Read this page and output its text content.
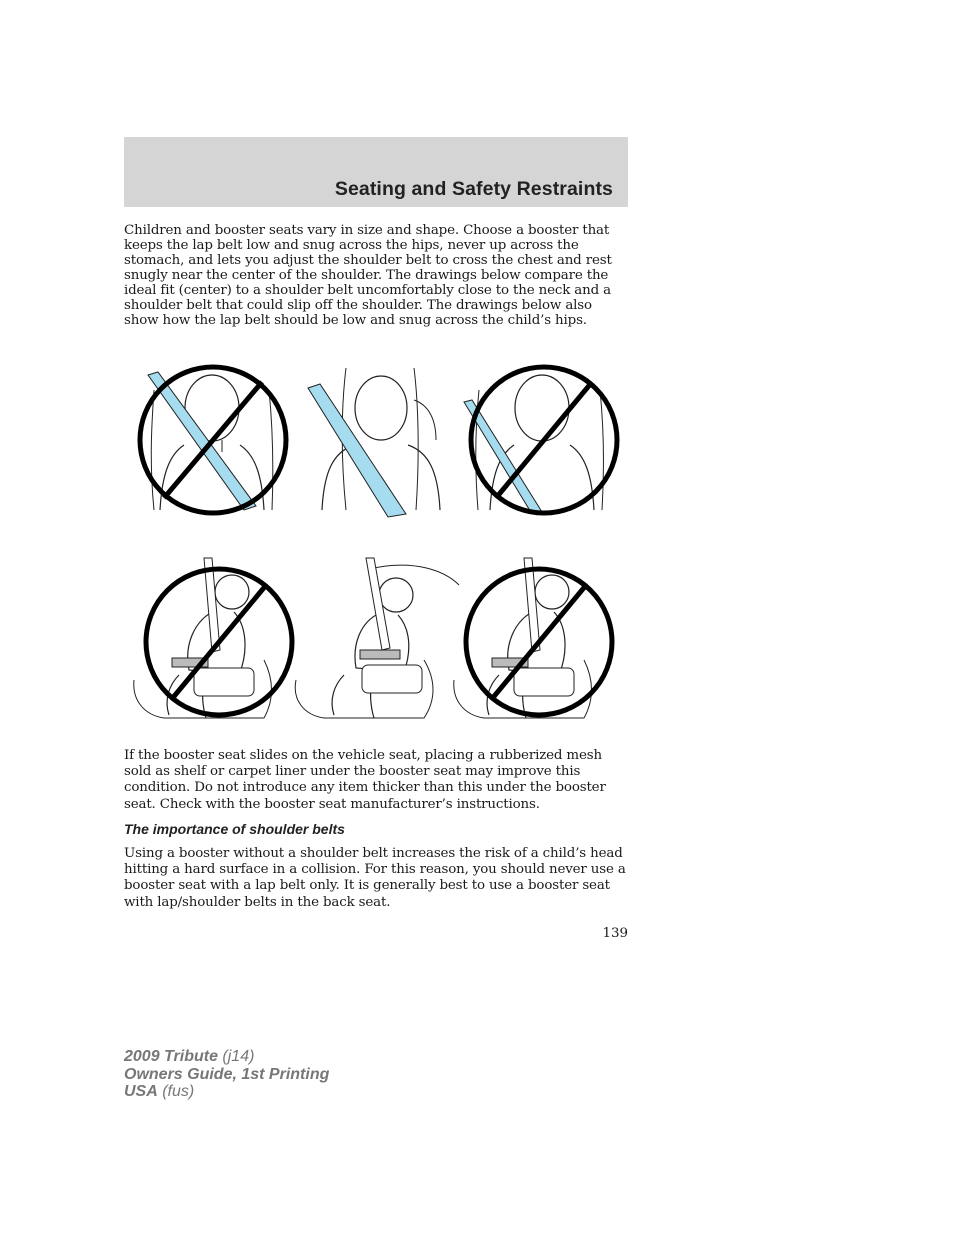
Seating and Safety Restraints

Children and booster seats vary in size and shape. Choose a booster that keeps the lap belt low and snug across the hips, never up across the stomach, and lets you adjust the shoulder belt to cross the chest and rest snugly near the center of the shoulder. The drawings below compare the ideal fit (center) to a shoulder belt uncomfortably close to the neck and a shoulder belt that could slip off the shoulder. The drawings below also show how the lap belt should be low and snug across the child’s hips.

If the booster seat slides on the vehicle seat, placing a rubberized mesh sold as shelf or carpet liner under the booster seat may improve this condition. Do not introduce any item thicker than this under the booster seat. Check with the booster seat manufacturer’s instructions.

The importance of shoulder belts

Using a booster without a shoulder belt increases the risk of a child’s head hitting a hard surface in a collision. For this reason, you should never use a booster seat with a lap belt only. It is generally best to use a booster seat with lap/shoulder belts in the back seat.

139
2009 Tribute (j14)
Owners Guide, 1st Printing
USA (fus)
